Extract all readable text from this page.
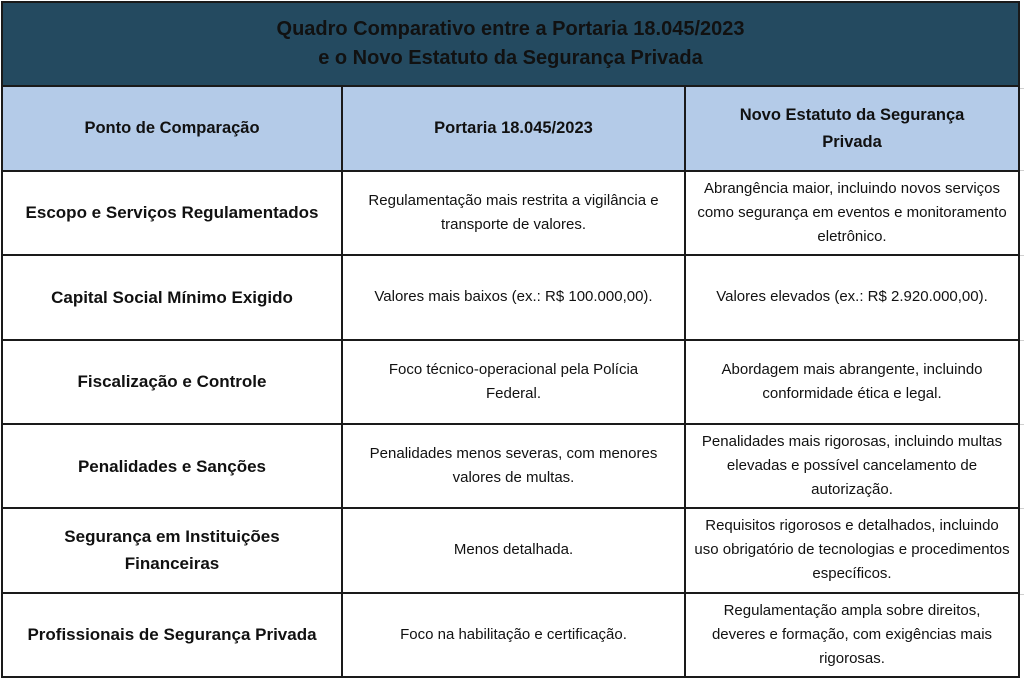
Quadro Comparativo entre a Portaria 18.045/2023
e o Novo Estatuto da Segurança Privada		

Ponto de Comparação	Portaria 18.045/2023	Novo Estatuto da Segurança Privada
Escopo e Serviços Regulamentados	Regulamentação mais restrita a vigilância e transporte de valores.	Abrangência maior, incluindo novos serviços como segurança em eventos e monitoramento eletrônico.
Capital Social Mínimo Exigido	Valores mais baixos (ex.: R$ 100.000,00).	Valores elevados (ex.: R$ 2.920.000,00).
Fiscalização e Controle	Foco técnico-operacional pela Polícia Federal.	Abordagem mais abrangente, incluindo conformidade ética e legal.
Penalidades e Sanções	Penalidades menos severas, com menores valores de multas.	Penalidades mais rigorosas, incluindo multas elevadas e possível cancelamento de autorização.
Segurança em Instituições Financeiras	Menos detalhada.	Requisitos rigorosos e detalhados, incluindo uso obrigatório de tecnologias e procedimentos específicos.
Profissionais de Segurança Privada	Foco na habilitação e certificação.	Regulamentação ampla sobre direitos, deveres e formação, com exigências mais rigorosas.
